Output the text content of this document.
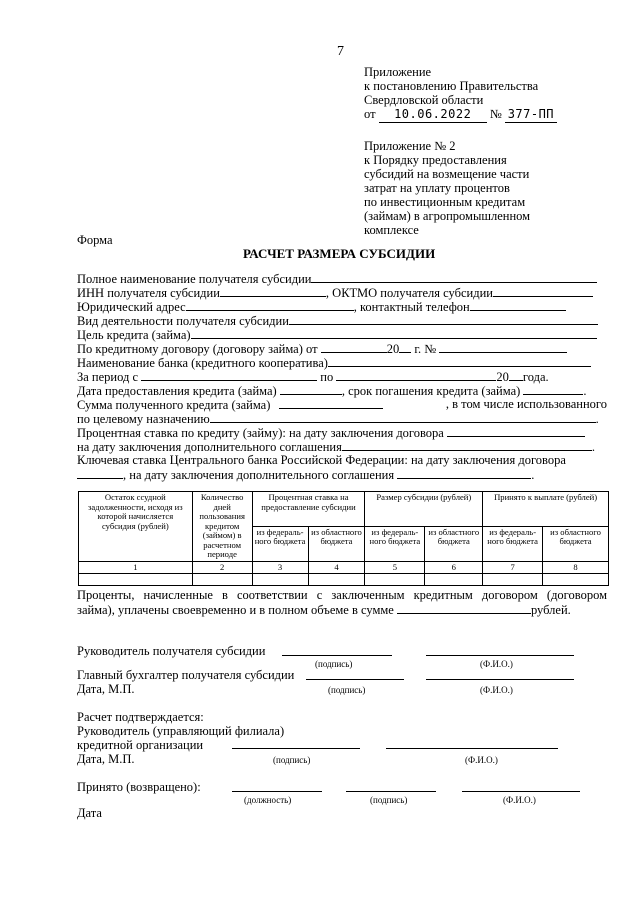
7
Приложение
к постановлению Правительства
Свердловской области
от 10.06.2022 № 377-ПП
Приложение № 2
к Порядку предоставления
субсидий на возмещение части
затрат на уплату процентов
по инвестиционным кредитам
(займам) в агропромышленном
комплексе
Форма
РАСЧЕТ РАЗМЕРА СУБСИДИИ
Полное наименование получателя субсидии
ИНН получателя субсидии	, ОКТМО получателя субсидии
Юридический адрес	, контактный телефон
Вид деятельности получателя субсидии
Цель кредита (займа)
По кредитному договору (договору займа) от	20 г. №
Наименование банка (кредитного кооператива)
За период с	по	20 года.
Дата предоставления кредита (займа)	, срок погашения кредита (займа)	.
Сумма полученного кредита (займа)	, в том числе использованного
по целевому назначению	.
Процентная ставка по кредиту (займу): на дату заключения договора
на дату заключения дополнительного соглашения	.
Ключевая ставка Центрального банка Российской Федерации: на дату заключения договора
, на дату заключения дополнительного соглашения	.
Остаток ссудной задолженности, исходя из которой начисляется субсидия (рублей)	Количество дней пользования кредитом (займом) в расчетном периоде	Процентная ставка на предоставление субсидии		Размер субсидии (рублей)		Принято к выплате (рублей)	
		из федераль-ного бюджета	из областного бюджета	из федераль-ного бюджета	из областного бюджета	из федераль-ного бюджета	из областного бюджета
1	2	3	4	5	6	7	8

Проценты, начисленные в соответствии с заключенным кредитным договором (договором
займа), уплачены своевременно и в полном объеме в сумме	рублей.
Руководитель получателя субсидии
(подпись)	(Ф.И.О.)
Главный бухгалтер получателя субсидии
Дата, М.П.	(подпись)	(Ф.И.О.)
Расчет подтверждается:
Руководитель (управляющий филиала)
кредитной организации
Дата, М.П.	(подпись)	(Ф.И.О.)
Принято (возвращено):
(должность)	(подпись)	(Ф.И.О.)
Дата
